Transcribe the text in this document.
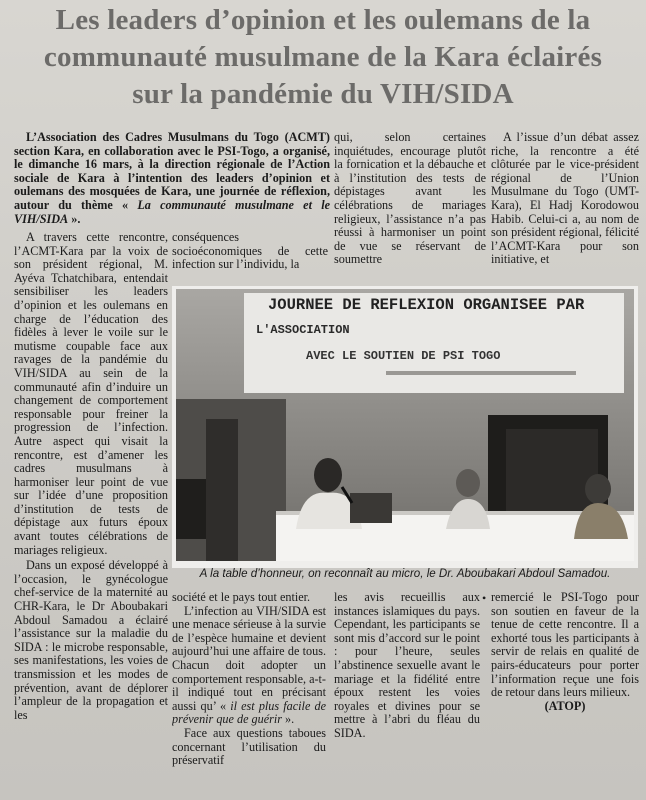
Les leaders d’opinion et les oulemans de la
communauté musulmane de la Kara éclairés
sur la pandémie du VIH/SIDA

L’Association des Cadres Musulmans du Togo (ACMT) section Kara, en collaboration avec le PSI-Togo, a organisé, le dimanche 16 mars, à la direction régionale de l’Action sociale de Kara à l’intention des leaders d’opinion et oulemans des mosquées de Kara, une journée de réflexion, autour du thème « La communauté musulmane et le VIH/SIDA ».

A travers cette rencontre, l’ACMT-Kara par la voix de son président régional, M. Ayéva Tchatchibara, entendait sensibiliser les leaders d’opinion et les oulemans en charge de l’éducation des fidèles à lever le voile sur le mutisme coupable face aux ravages de la pandémie du VIH/SIDA au sein de la communauté afin d’induire un changement de comportement responsable pour freiner la progression de l’infection. Autre aspect qui visait la rencontre, est d’amener les cadres musulmans à harmoniser leur point de vue sur l’idée d’une proposition d’institution de tests de dépistage aux futurs époux avant toutes célébrations de mariages religieux.

Dans un exposé développé à l’occasion, le gynécologue chef-service de la maternité au CHR-Kara, le Dr Aboubakari Abdoul Samadou a éclairé l’assistance sur la maladie du SIDA : le microbe responsable, ses manifestations, les voies de transmission et les modes de prévention, avant de déplorer l’ampleur de la propagation et les

conséquences socioéconomiques de cette infection sur l’individu, la

qui, selon certaines inquiétudes, encourage plutôt la fornication et la débauche et à l’institution des tests de dépistages avant les célébrations de mariages religieux, l’assistance n’a pas réussi à harmoniser un point de vue se réservant de soumettre

A l’issue d’un débat assez riche, la rencontre a été clôturée par le vice-président régional de l’Union Musulmane du Togo (UMT-Kara), El Hadj Korodowou Habib. Celui-ci a, au nom de son président régional, félicité l’ACMT-Kara pour son initiative, et

JOURNEE DE REFLEXION ORGANISEE PAR
L'ASSOCIATION
AVEC LE SOUTIEN DE PSI TOGO
A la table d’honneur, on reconnaît au micro, le Dr. Aboubakari Abdoul Samadou.

société et le pays tout entier.

L’infection au VIH/SIDA est une menace sérieuse à la survie de l’espèce humaine et devient aujourd’hui une affaire de tous. Chacun doit adopter un comportement responsable, a-t-il indiqué tout en précisant aussi qu’ « il est plus facile de prévenir que de guérir ».

Face aux questions taboues concernant l’utilisation du préservatif

les avis recueillis aux instances islamiques du pays. Cependant, les participants se sont mis d’accord sur le point : pour l’heure, seules l’abstinence sexuelle avant le mariage et la fidélité entre époux restent les voies royales et divines pour se mettre à l’abri du fléau du SIDA.

• remercié le PSI-Togo pour son soutien en faveur de la tenue de cette rencontre. Il a exhorté tous les participants à servir de relais en qualité de pairs-éducateurs pour porter l’information reçue une fois de retour dans leurs milieux.

(ATOP)
